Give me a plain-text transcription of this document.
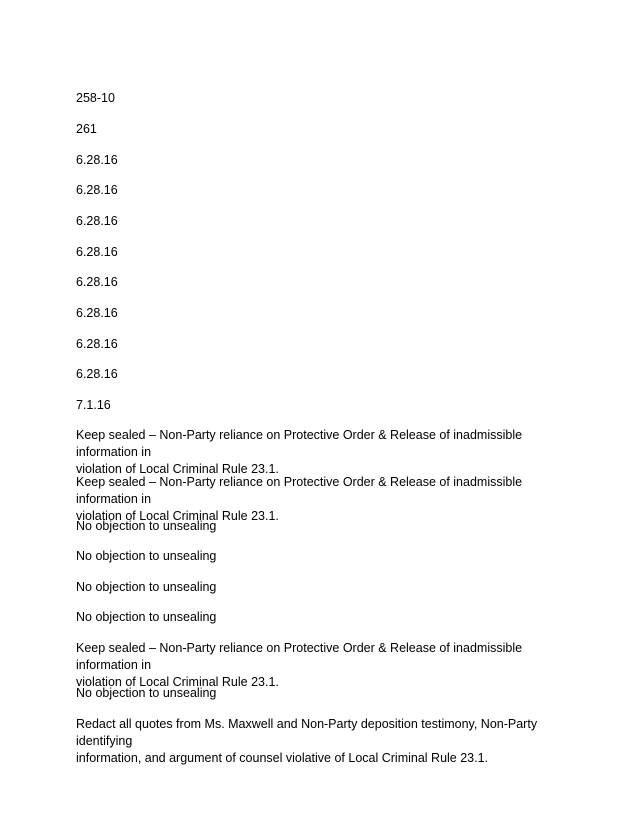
258-10

261

6.28.16

6.28.16

6.28.16

6.28.16

6.28.16

6.28.16

6.28.16

6.28.16

7.1.16

Keep sealed – Non-Party reliance on Protective Order & Release of inadmissible information in
violation of Local Criminal Rule 23.1.
Keep sealed – Non-Party reliance on Protective Order & Release of inadmissible information in
violation of Local Criminal Rule 23.1.
No objection to unsealing
No objection to unsealing
No objection to unsealing
No objection to unsealing
Keep sealed – Non-Party reliance on Protective Order & Release of inadmissible information in
violation of Local Criminal Rule 23.1.
No objection to unsealing
Redact all quotes from Ms. Maxwell and Non-Party deposition testimony, Non-Party identifying
information, and argument of counsel violative of Local Criminal Rule 23.1.
